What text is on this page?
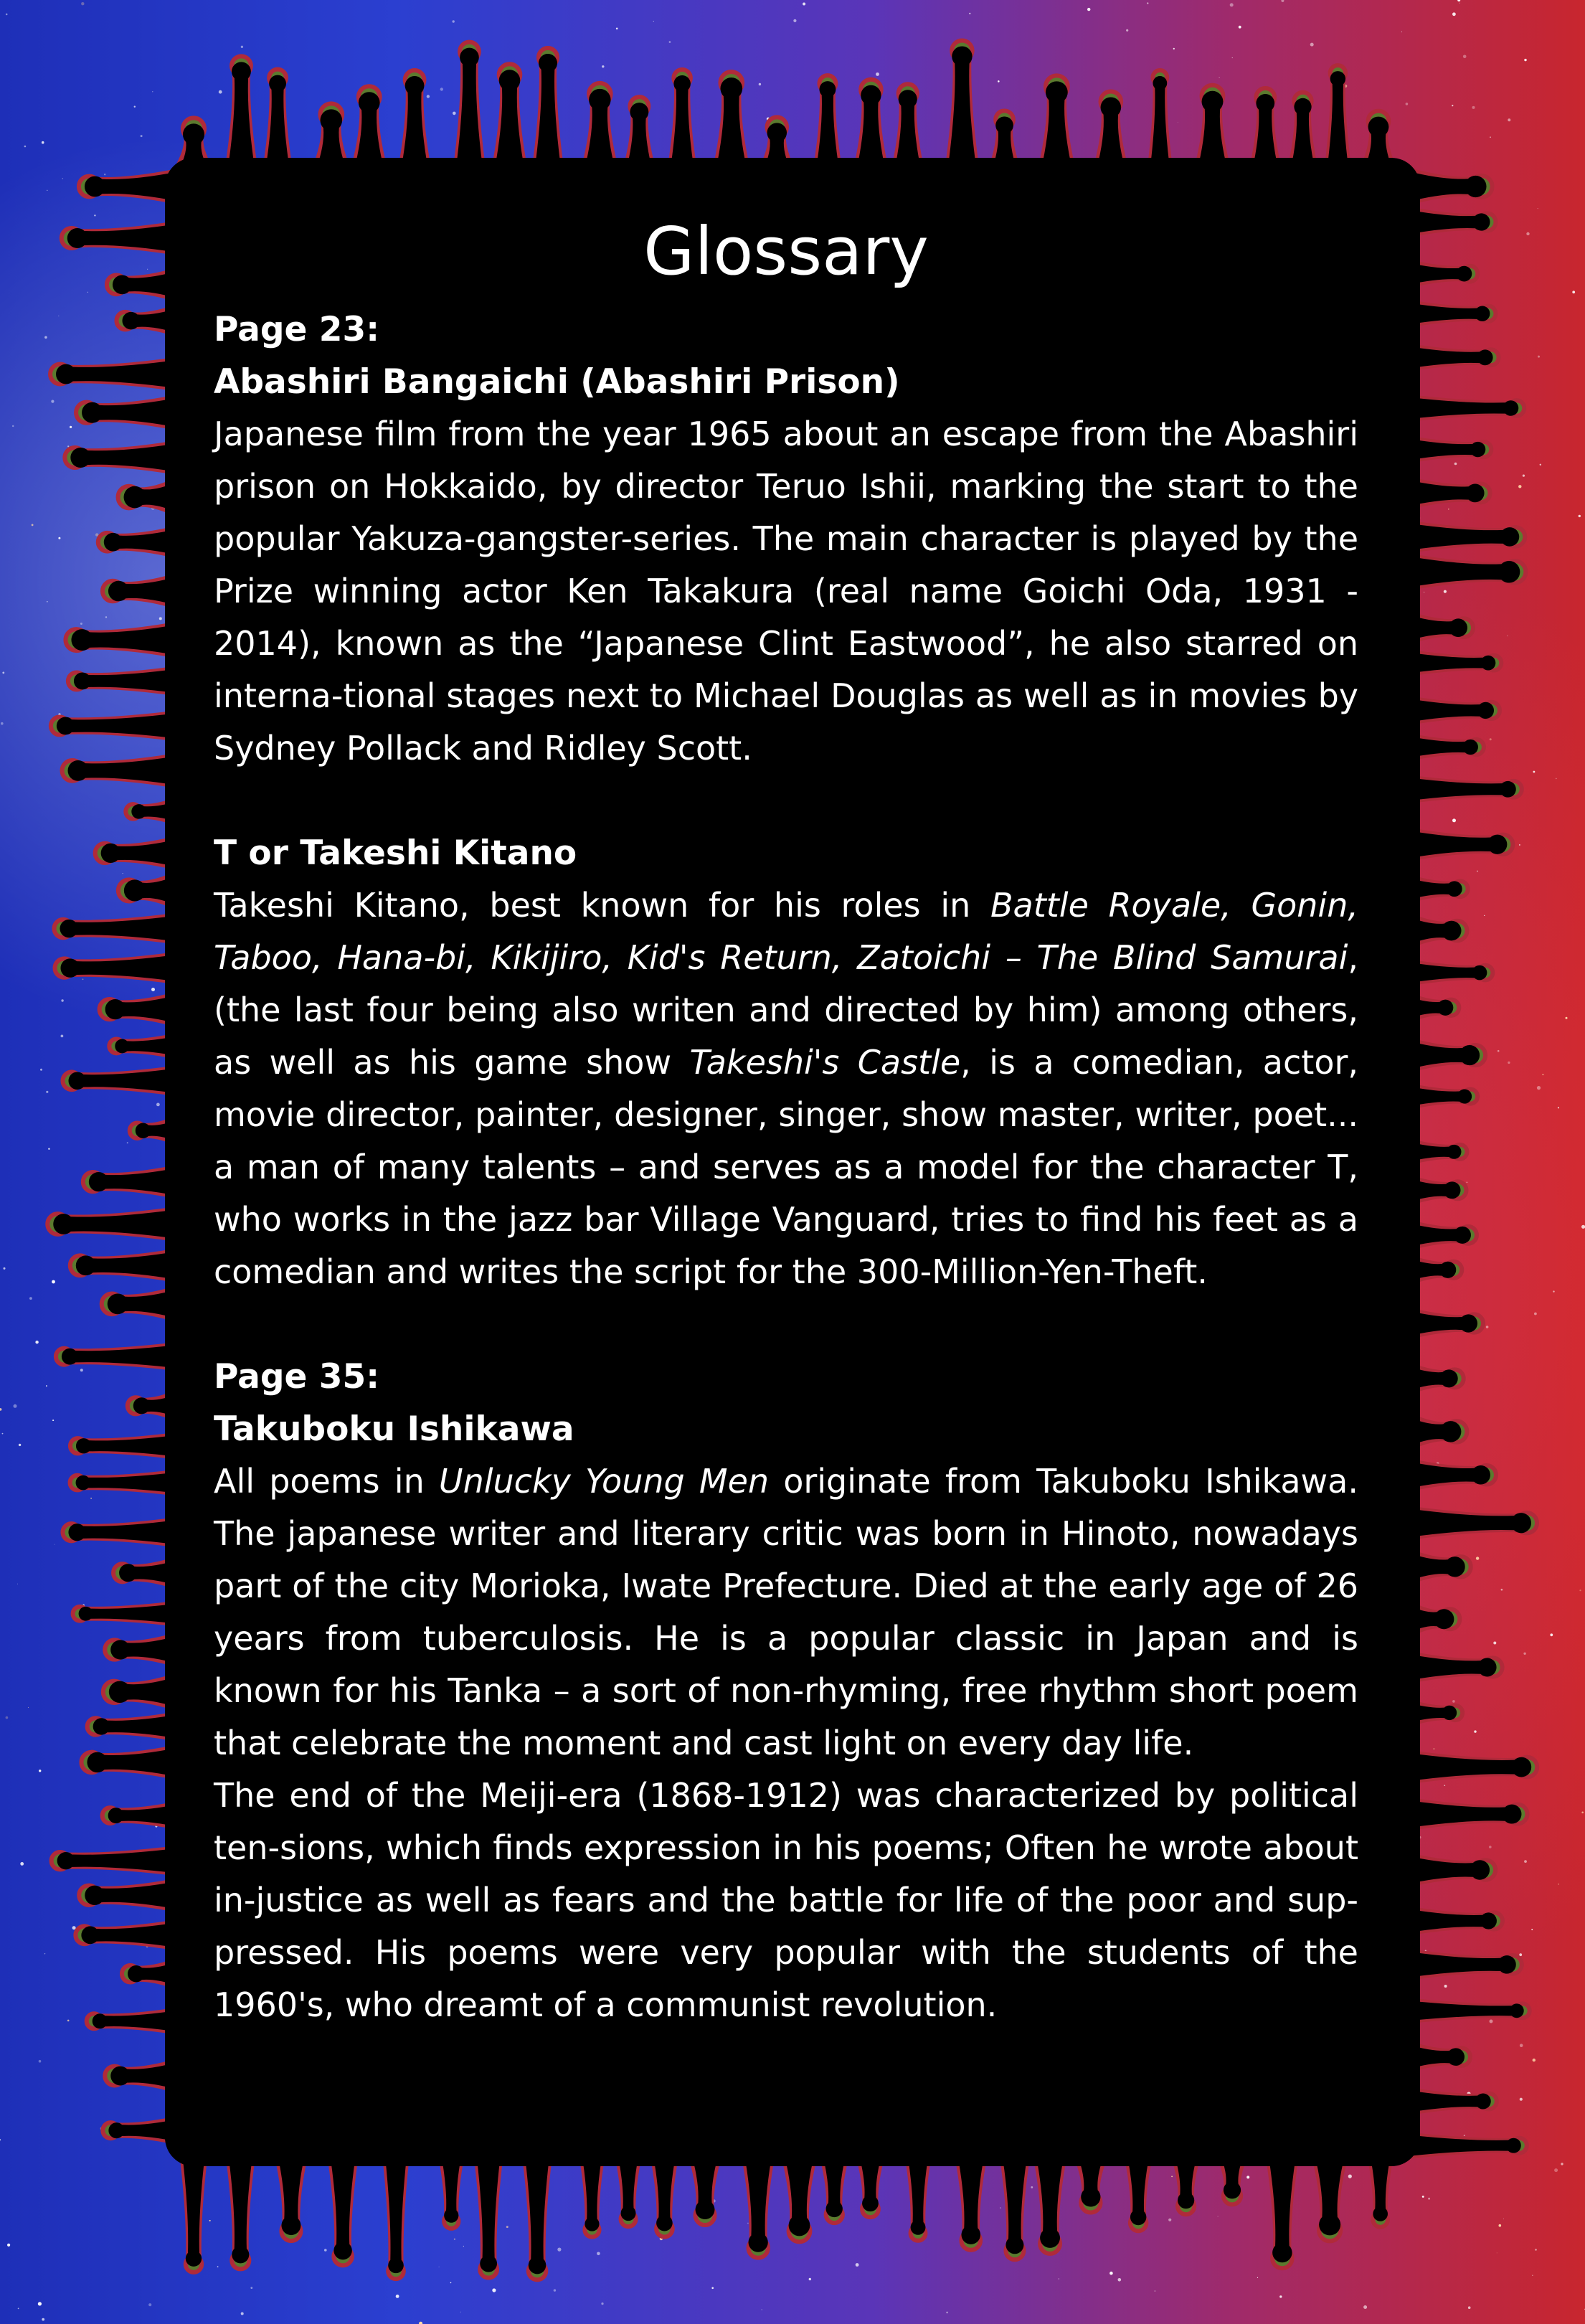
Glossary

Page 23:

Abashiri Bangaichi (Abashiri Prison)

Japanese film from the year 1965 about an escape from the Abashiri prison on Hokkaido, by director Teruo Ishii, marking the start to the popular Yakuza-gangster-series. The main character is played by the Prize winning actor Ken Takakura (real name Goichi Oda, 1931 - 2014), known as the “Japanese Clint Eastwood”, he also starred on interna-tional stages next to Michael Douglas as well as in movies by Sydney Pollack and Ridley Scott.

T or Takeshi Kitano

Takeshi Kitano, best known for his roles in Battle Royale, Gonin, Taboo, Hana-bi, Kikijiro, Kid's Return, Zatoichi – The Blind Samurai, (the last four being also writen and directed by him) among others, as well as his game show Takeshi's Castle, is a comedian, actor, movie director, painter, designer, singer, show master, writer, poet... a man of many talents – and serves as a model for the character T, who works in the jazz bar Village Vanguard, tries to find his feet as a comedian and writes the script for the 300-Million-Yen-Theft.

Page 35:

Takuboku Ishikawa

All poems in Unlucky Young Men originate from Takuboku Ishikawa. The japanese writer and literary critic was born in Hinoto, nowadays part of the city Morioka, Iwate Prefecture. Died at the early age of 26 years from tuberculosis. He is a popular classic in Japan and is known for his Tanka – a sort of non-rhyming, free rhythm short poem that celebrate the moment and cast light on every day life.

The end of the Meiji-era (1868-1912) was characterized by political ten-sions, which finds expression in his poems; Often he wrote about in-justice as well as fears and the battle for life of the poor and sup-pressed. His poems were very popular with the students of the 1960's, who dreamt of a communist revolution.
